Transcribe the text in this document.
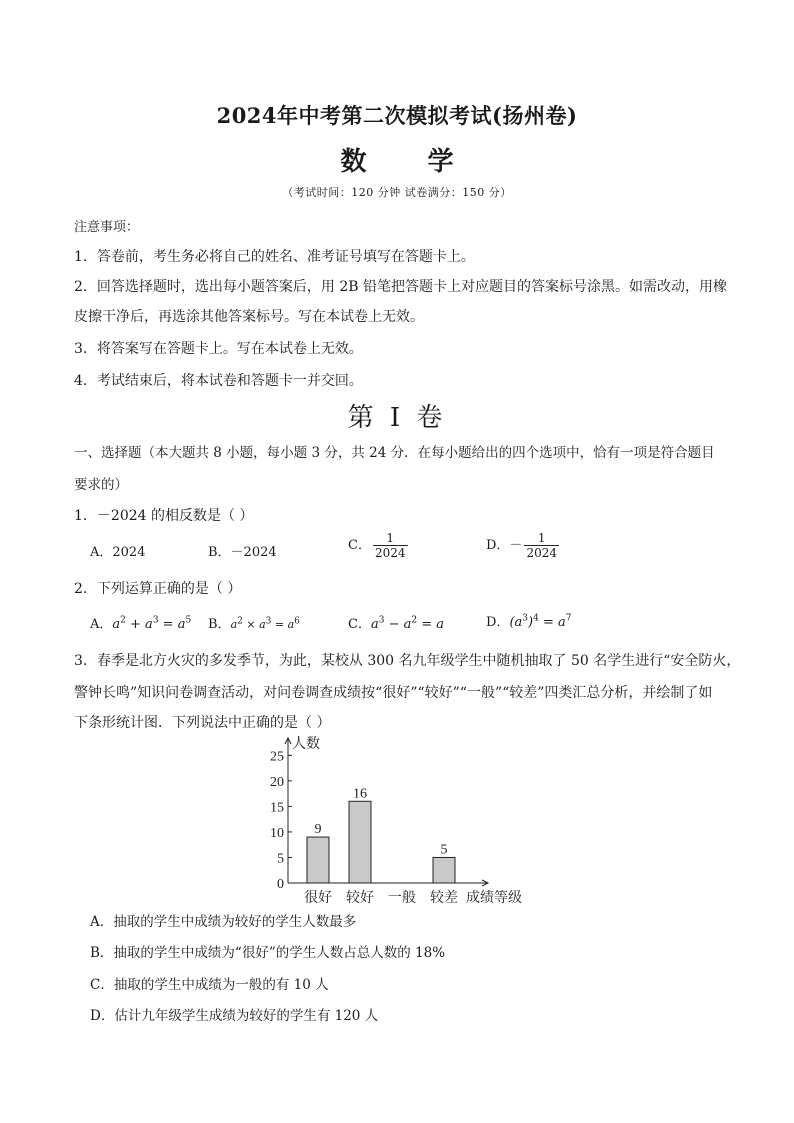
2024年中考第二次模拟考试(扬州卷)
数 学
（考试时间：120 分钟 试卷满分：150 分）
注意事项：
1．答卷前，考生务必将自己的姓名、准考证号填写在答题卡上。
2．回答选择题时，选出每小题答案后，用 2B 铅笔把答题卡上对应题目的答案标号涂黑。如需改动，用橡
皮擦干净后，再选涂其他答案标号。写在本试卷上无效。
3．将答案写在答题卡上。写在本试卷上无效。
4．考试结束后，将本试卷和答题卡一并交回。
第 I 卷
一、选择题（本大题共 8 小题，每小题 3 分，共 24 分．在每小题给出的四个选项中，恰有一项是符合题目
要求的）
1．－2024 的相反数是（ ）
A．2024	B．－2024	C． $\frac{1}{2024}$	D．－ $\frac{1}{2024}$
2．下列运算正确的是（ ）
A．$a^2 + a^3 = a^5$ B．$a^2 \times a^3 = a^6$	C．$a^3 - a^2 = a$	D．$(a^3)^4 = a^7$
3．春季是北方火灾的多发季节，为此，某校从 300 名九年级学生中随机抽取了 50 名学生进行“安全防火，
警钟长鸣”知识问卷调查活动，对问卷调查成绩按“很好”“较好”“一般”“较差”四类汇总分析，并绘制了如
下条形统计图．下列说法中正确的是（ ）
0
5
10
15
20
25
人数
成绩等级
9
很好
16
较好 一般
5
较差
A．抽取的学生中成绩为较好的学生人数最多
B．抽取的学生中成绩为“很好”的学生人数占总人数的 18%
C．抽取的学生中成绩为一般的有 10 人
D．估计九年级学生成绩为较好的学生有 120 人
